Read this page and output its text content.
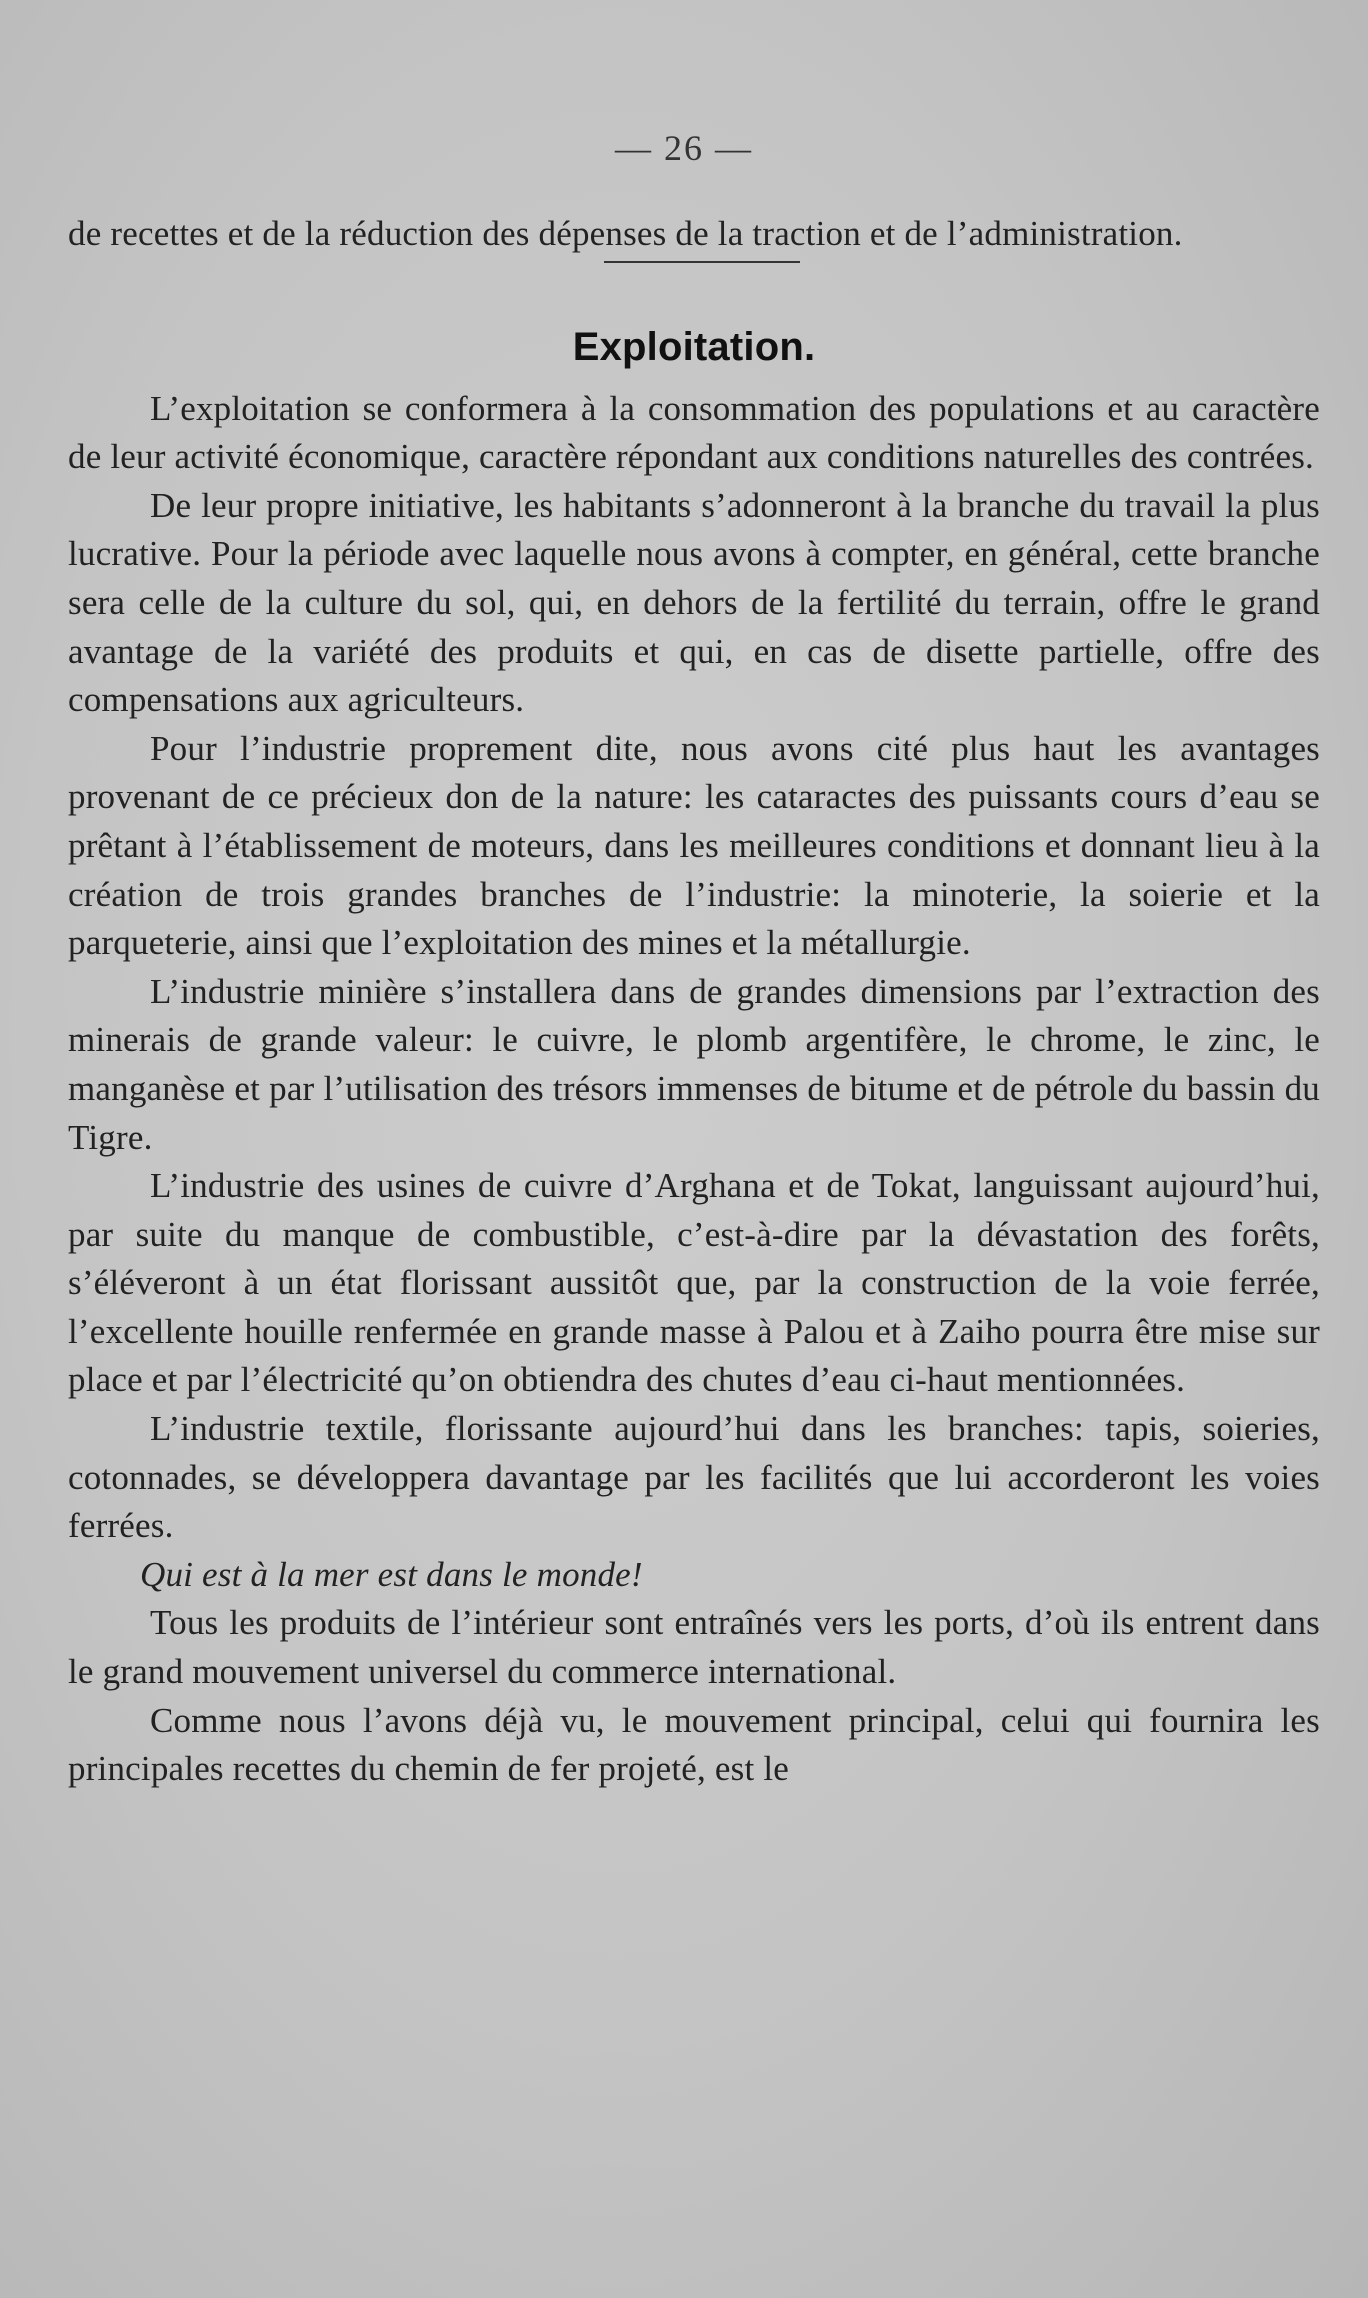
— 26 —

de recettes et de la réduction des dépenses de la traction et de l’administration.

Exploitation.

L’exploitation se conformera à la consommation des populations et au caractère de leur activité économique, caractère répondant aux conditions naturelles des contrées.

De leur propre initiative, les habitants s’adonneront à la branche du travail la plus lucrative. Pour la période avec laquelle nous avons à compter, en général, cette branche sera celle de la culture du sol, qui, en dehors de la fertilité du terrain, offre le grand avantage de la variété des produits et qui, en cas de disette partielle, offre des compensations aux agriculteurs.

Pour l’industrie proprement dite, nous avons cité plus haut les avantages provenant de ce précieux don de la nature: les cataractes des puissants cours d’eau se prêtant à l’établissement de moteurs, dans les meilleures conditions et donnant lieu à la création de trois grandes branches de l’industrie: la minoterie, la soierie et la parqueterie, ainsi que l’exploitation des mines et la métallurgie.

L’industrie minière s’installera dans de grandes dimensions par l’extraction des minerais de grande valeur: le cuivre, le plomb argentifère, le chrome, le zinc, le manganèse et par l’utilisation des trésors immenses de bitume et de pétrole du bassin du Tigre.

L’industrie des usines de cuivre d’Arghana et de Tokat, languissant aujourd’hui, par suite du manque de combustible, c’est-à-dire par la dévastation des forêts, s’éléveront à un état florissant aussitôt que, par la construction de la voie ferrée, l’excellente houille renfermée en grande masse à Palou et à Zaiho pourra être mise sur place et par l’électricité qu’on obtiendra des chutes d’eau ci-haut mentionnées.

L’industrie textile, florissante aujourd’hui dans les branches: tapis, soieries, cotonnades, se développera davantage par les facilités que lui accorderont les voies ferrées.

Qui est à la mer est dans le monde!

Tous les produits de l’intérieur sont entraînés vers les ports, d’où ils entrent dans le grand mouvement universel du commerce international.

Comme nous l’avons déjà vu, le mouvement principal, celui qui fournira les principales recettes du chemin de fer projeté, est le
